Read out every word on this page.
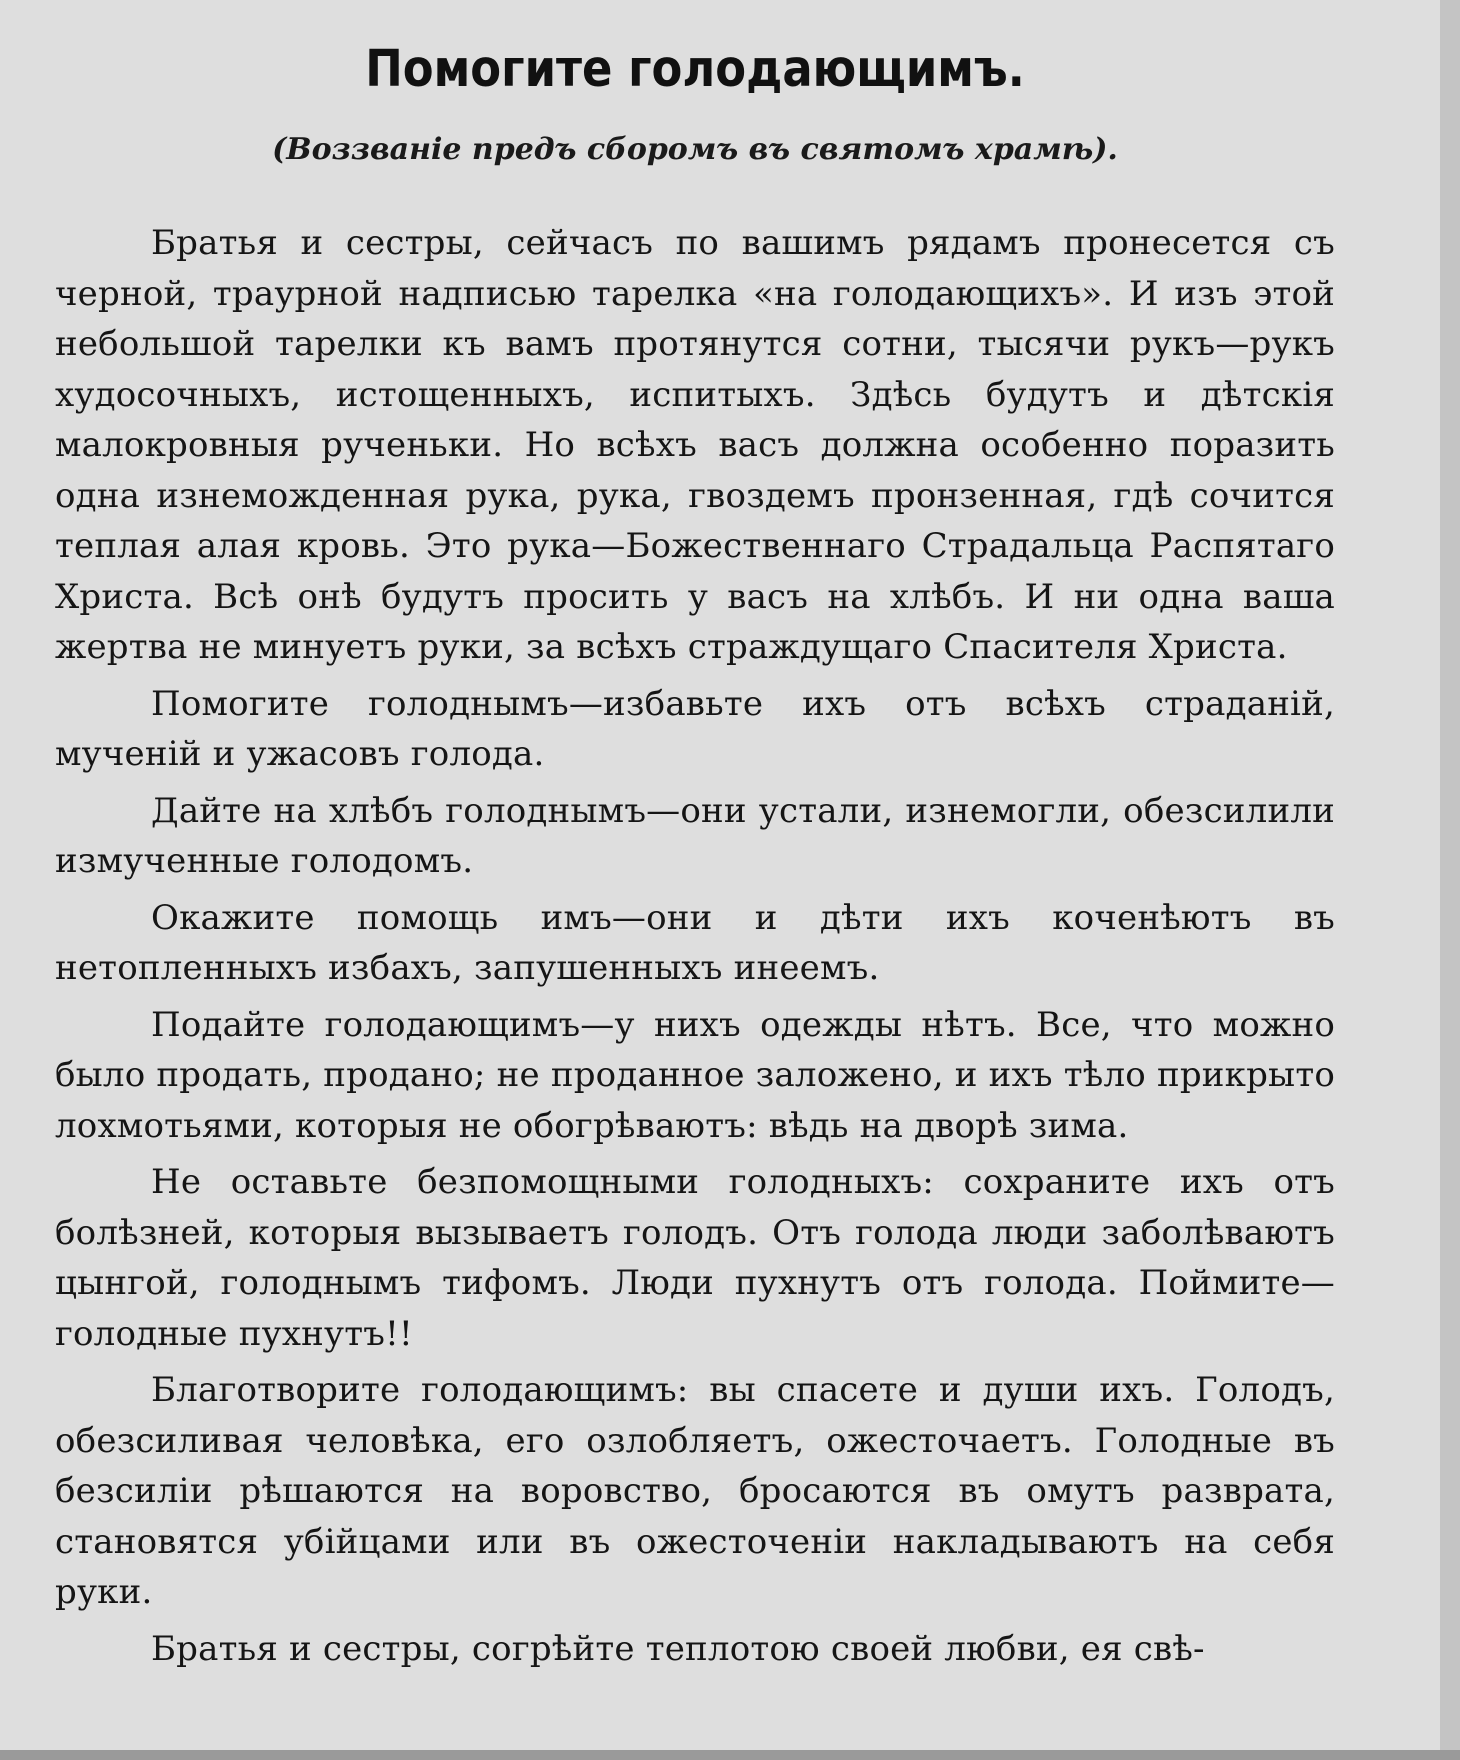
Помогите голодающимъ.
(Воззваніе предъ сборомъ въ святомъ храмѣ).

Братья и сестры, сейчасъ по вашимъ рядамъ пронесется съ черной, траурной надписью тарелка «на голодающихъ». И изъ этой небольшой тарелки къ вамъ протянутся сотни, тысячи рукъ—рукъ худосочныхъ, истощенныхъ, испитыхъ. Здѣсь будутъ и дѣтскія малокровныя рученьки. Но всѣхъ васъ должна особенно поразить одна изнеможденная рука, рука, гвоздемъ пронзенная, гдѣ сочится теплая алая кровь. Это рука—Божественнаго Страдальца Распятаго Христа. Всѣ онѣ будутъ просить у васъ на хлѣбъ. И ни одна ваша жертва не минуетъ руки, за всѣхъ страждущаго Спасителя Христа.

Помогите голоднымъ—избавьте ихъ отъ всѣхъ страданій, мученій и ужасовъ голода.

Дайте на хлѣбъ голоднымъ—они устали, изнемогли, обезсилили измученные голодомъ.

Окажите помощь имъ—они и дѣти ихъ коченѣютъ въ нетопленныхъ избахъ, запушенныхъ инеемъ.

Подайте голодающимъ—у нихъ одежды нѣтъ. Все, что можно было продать, продано; не проданное заложено, и ихъ тѣло прикрыто лохмотьями, которыя не обогрѣваютъ: вѣдь на дворѣ зима.

Не оставьте безпомощными голодныхъ: сохраните ихъ отъ болѣзней, которыя вызываетъ голодъ. Отъ голода люди заболѣваютъ цынгой, голоднымъ тифомъ. Люди пухнутъ отъ голода. Поймите—голодные пухнутъ!!

Благотворите голодающимъ: вы спасете и души ихъ. Голодъ, обезсиливая человѣка, его озлобляетъ, ожесточаетъ. Голодные въ безсиліи рѣшаются на воровство, бросаются въ омутъ разврата, становятся убійцами или въ ожесточеніи накладываютъ на себя руки.

Братья и сестры, согрѣйте теплотою своей любви, ея свѣ-
